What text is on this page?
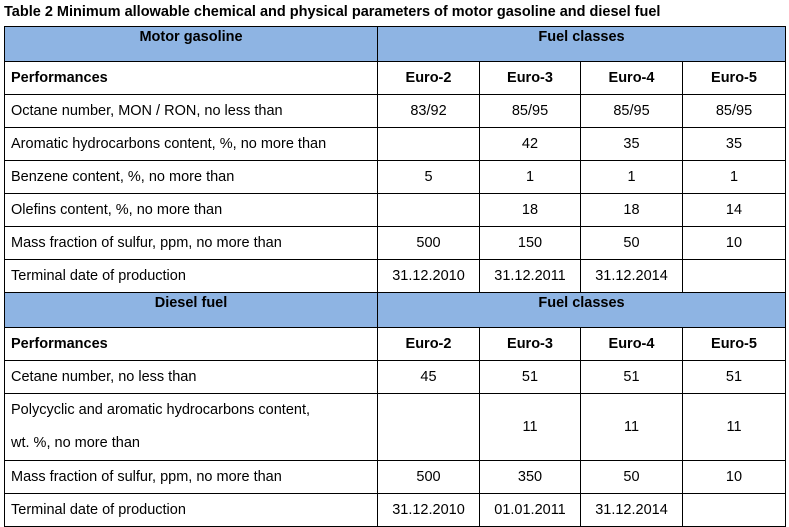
Table 2 Minimum allowable chemical and physical parameters of motor gasoline and diesel fuel
Motor gasoline	Fuel classes			
Performances	Euro-2	Euro-3	Euro-4	Euro-5
Octane number, MON / RON, no less than	83/92	85/95	85/95	85/95
Aromatic hydrocarbons content, %, no more than		42	35	35
Benzene content, %, no more than	5	1	1	1
Olefins content, %, no more than		18	18	14
Mass fraction of sulfur, ppm, no more than	500	150	50	10
Terminal date of production	31.12.2010	31.12.2011	31.12.2014	
Diesel fuel	Fuel classes			
Performances	Euro-2	Euro-3	Euro-4	Euro-5
Cetane number, no less than	45	51	51	51

Polycyclic and aromatic hydrocarbons content,
wt. %, no more than		11	11	11
Mass fraction of sulfur, ppm, no more than	500	350	50	10
Terminal date of production	31.12.2010	01.01.2011	31.12.2014	
